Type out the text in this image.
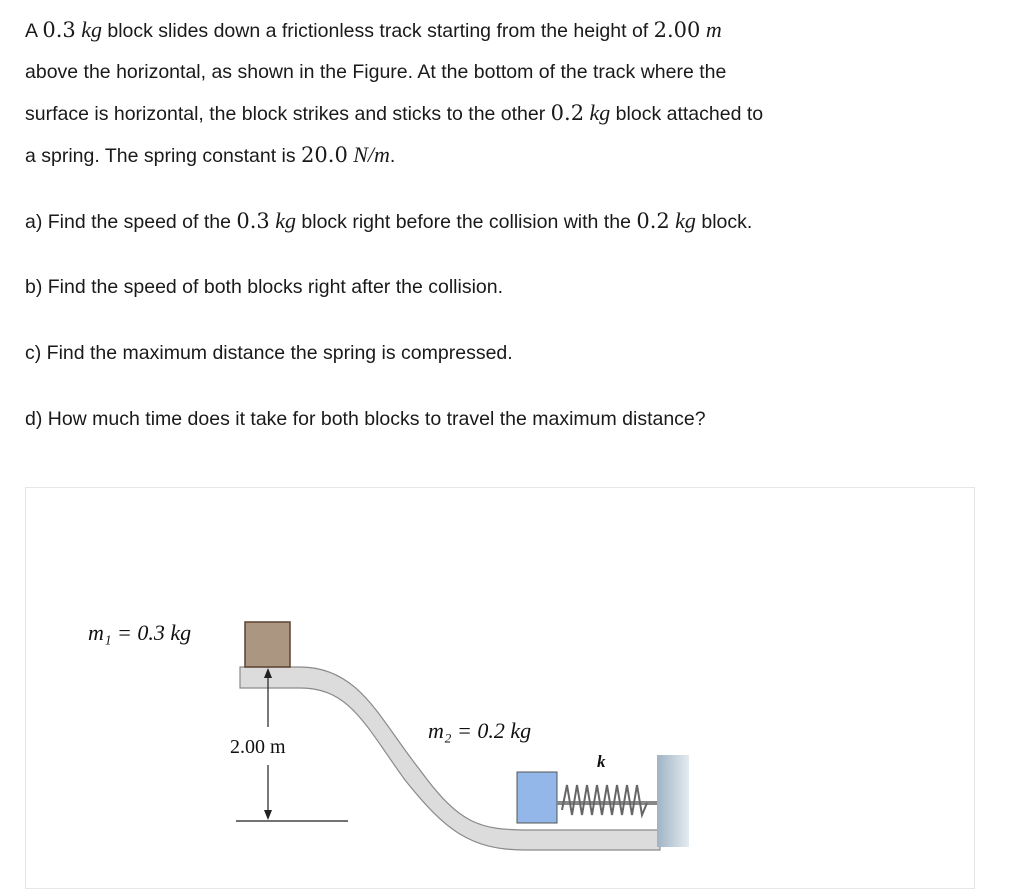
A 0.3 kg block slides down a frictionless track starting from the height of 2.00 m
above the horizontal, as shown in the Figure. At the bottom of the track where the
surface is horizontal, the block strikes and sticks to the other 0.2 kg block attached to
a spring. The spring constant is 20.0 N/m.
a) Find the speed of the 0.3 kg block right before the collision with the 0.2 kg block.
b) Find the speed of both blocks right after the collision.
c) Find the maximum distance the spring is compressed.
d) How much time does it take for both blocks to travel the maximum distance?
2.00 m
m₁ = 0.3 kg
m₂ = 0.2 kg
k
